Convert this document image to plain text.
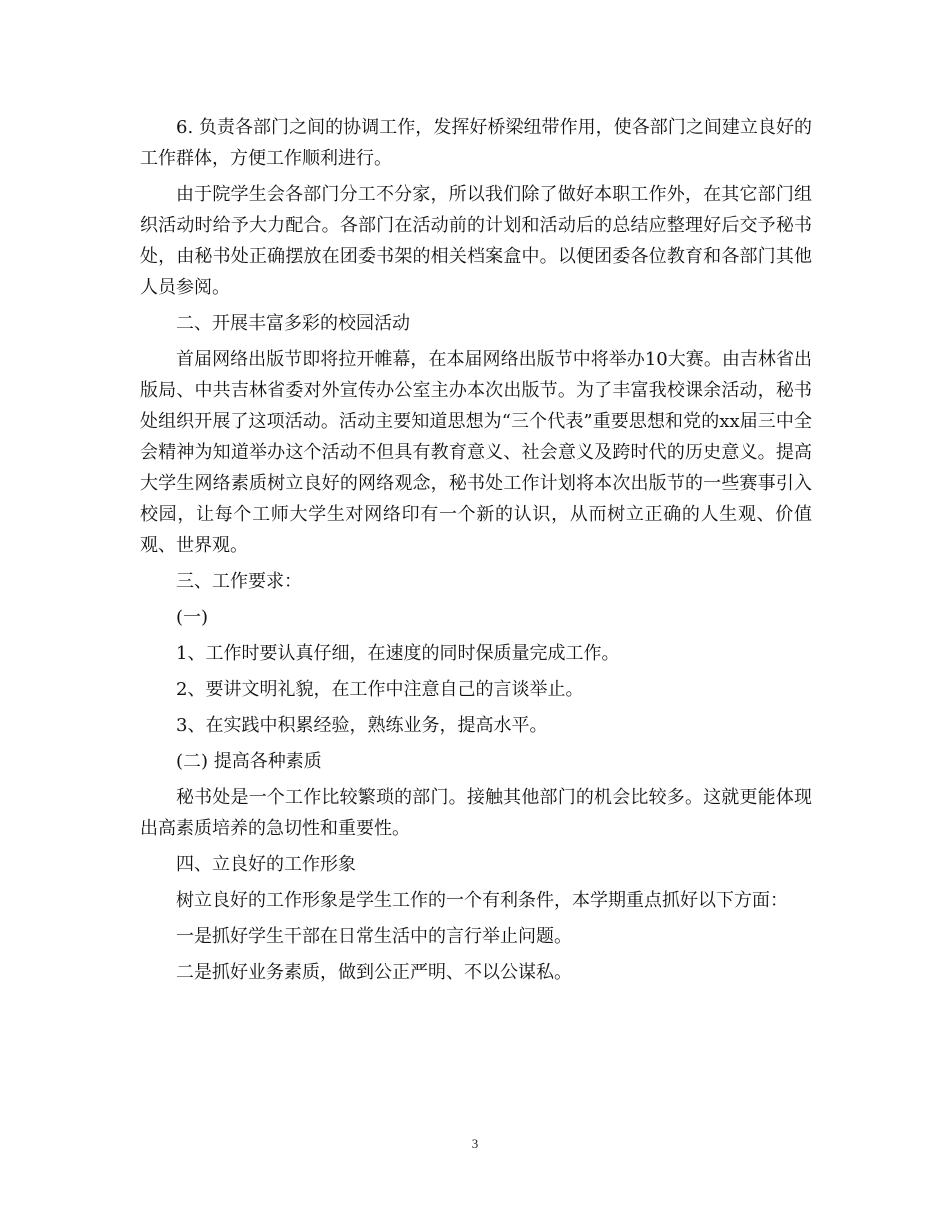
6. 负责各部门之间的协调工作，发挥好桥梁纽带作用，使各部门之间建立良好的工作群体，方便工作顺利进行。

由于院学生会各部门分工不分家，所以我们除了做好本职工作外，在其它部门组织活动时给予大力配合。各部门在活动前的计划和活动后的总结应整理好后交予秘书处，由秘书处正确摆放在团委书架的相关档案盒中。以便团委各位教育和各部门其他人员参阅。

二、开展丰富多彩的校园活动

首届网络出版节即将拉开帷幕，在本届网络出版节中将举办10大赛。由吉林省出版局、中共吉林省委对外宣传办公室主办本次出版节。为了丰富我校课余活动，秘书处组织开展了这项活动。活动主要知道思想为“三个代表”重要思想和党的xx届三中全会精神为知道举办这个活动不但具有教育意义、社会意义及跨时代的历史意义。提高大学生网络素质树立良好的网络观念，秘书处工作计划将本次出版节的一些赛事引入校园，让每个工师大学生对网络印有一个新的认识，从而树立正确的人生观、价值观、世界观。

三、工作要求：

(一)

1、工作时要认真仔细，在速度的同时保质量完成工作。

2、要讲文明礼貌，在工作中注意自己的言谈举止。

3、在实践中积累经验，熟练业务，提高水平。

(二) 提高各种素质

秘书处是一个工作比较繁琐的部门。接触其他部门的机会比较多。这就更能体现出高素质培养的急切性和重要性。

四、立良好的工作形象

树立良好的工作形象是学生工作的一个有利条件，本学期重点抓好以下方面：

一是抓好学生干部在日常生活中的言行举止问题。

二是抓好业务素质，做到公正严明、不以公谋私。

3
